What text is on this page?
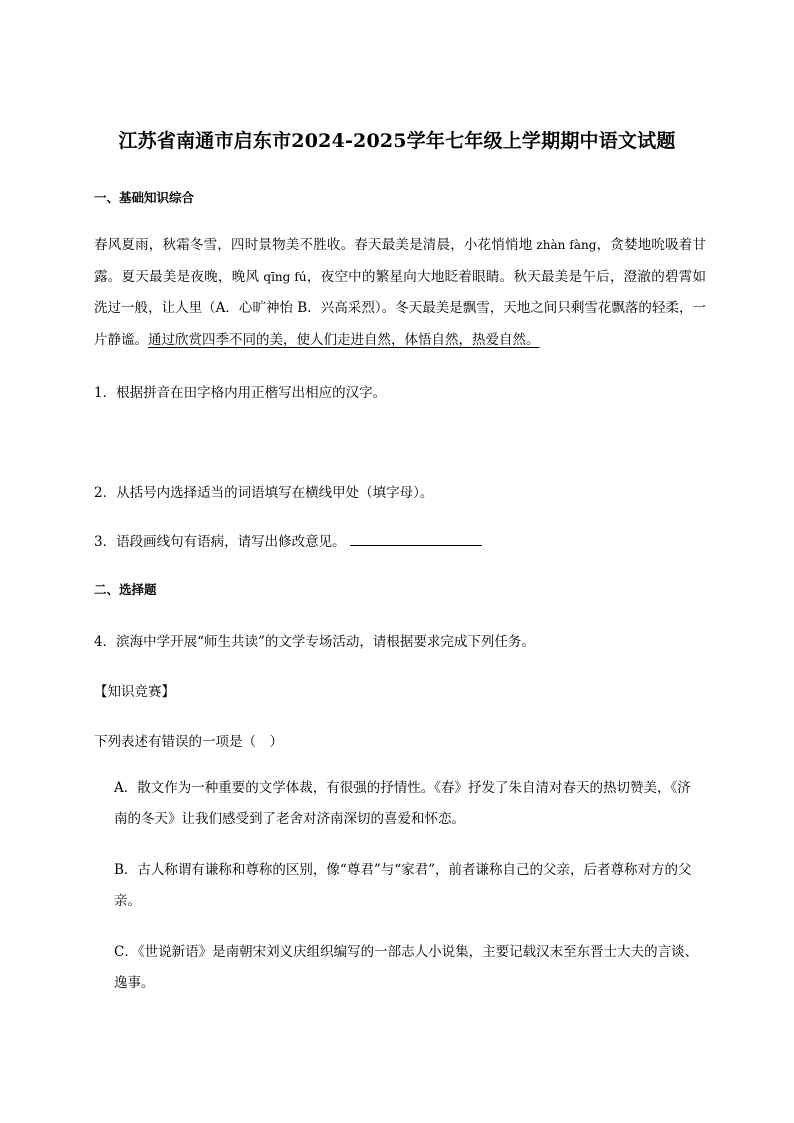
江苏省南通市启东市2024-2025学年七年级上学期期中语文试题
一、基础知识综合
春风夏雨，秋霜冬雪，四时景物美不胜收。春天最美是清晨，小花悄悄地 zhàn fàng，贪婪地吮吸着甘露。夏天最美是夜晚，晚风 qīng fú，夜空中的繁星向大地眨着眼睛。秋天最美是午后，澄澈的碧霄如洗过一般，让人里（A．心旷神怡 B．兴高采烈）。冬天最美是飘雪，天地之间只剩雪花飘落的轻柔，一片静谧。通过欣赏四季不同的美，使人们走进自然，体悟自然，热爱自然。
1．根据拼音在田字格内用正楷写出相应的汉字。
2．从括号内选择适当的词语填写在横线甲处（填字母）。
3．语段画线句有语病，请写出修改意见。
二、选择题
4．滨海中学开展“师生共读”的文学专场活动，请根据要求完成下列任务。
【知识竞赛】
下列表述有错误的一项是（　）
A．散文作为一种重要的文学体裁，有很强的抒情性。《春》抒发了朱自清对春天的热切赞美，《济南的冬天》让我们感受到了老舍对济南深切的喜爱和怀恋。
B．古人称谓有谦称和尊称的区别，像“尊君”与“家君”，前者谦称自己的父亲，后者尊称对方的父亲。
C．《世说新语》是南朝宋刘义庆组织编写的一部志人小说集，主要记载汉末至东晋士大夫的言谈、逸事。
